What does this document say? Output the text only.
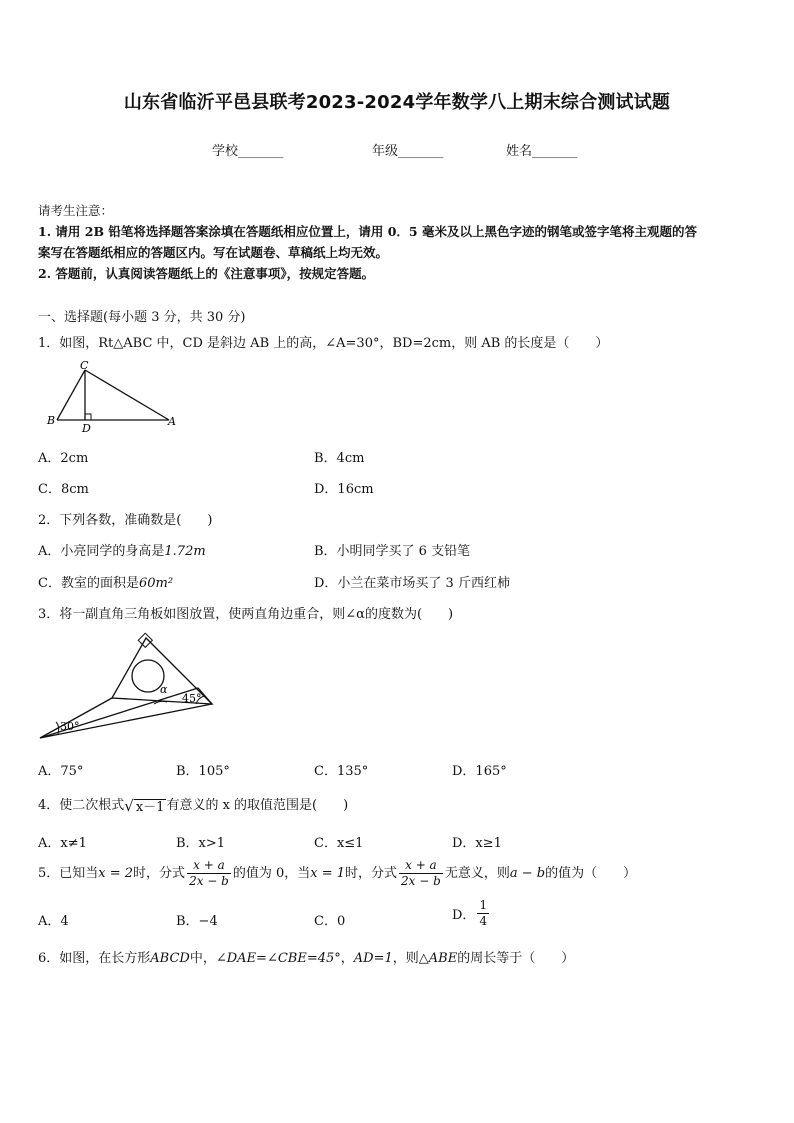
山东省临沂平邑县联考2023-2024学年数学八上期末综合测试试题
学校_______	年级_______	姓名_______
请考生注意：
1. 请用 2B 铅笔将选择题答案涂填在答题纸相应位置上，请用 0．5 毫米及以上黑色字迹的钢笔或签字笔将主观题的答
案写在答题纸相应的答题区内。写在试题卷、草稿纸上均无效。
2. 答题前，认真阅读答题纸上的《注意事项》，按规定答题。
一、选择题(每小题 3 分，共 30 分)
1．如图，Rt△ABC 中，CD 是斜边 AB 上的高，∠A=30°，BD=2cm，则 AB 的长度是（　　）
C
B
D
A
A．2cm	B．4cm
C．8cm	D．16cm
2．下列各数，准确数是(　　)
A．小亮同学的身高是1.72m	B．小明同学买了 6 支铅笔
C．教室的面积是60m²	D．小兰在菜市场买了 3 斤西红柿
3．将一副直角三角板如图放置，使两直角边重合，则∠α的度数为(　　)
α
45°
30°
A．75°	B．105°	C．135°	D．165°
4．使二次根式√ x－1 有意义的 x 的取值范围是(　　)
A．x≠1	B．x>1	C．x≤1	D．x≥1
5．已知当x = 2时，分式 $\frac{x + a}{2x - b}$ 的值为 0，当x = 1时，分式 $\frac{x + a}{2x - b}$ 无意义，则a − b的值为（　　）
A．4	B．−4	C．0	D． $\frac{1}{4}$
6．如图，在长方形ABCD中，∠DAE=∠CBE=45°，AD=1，则△ABE的周长等于（　　）
